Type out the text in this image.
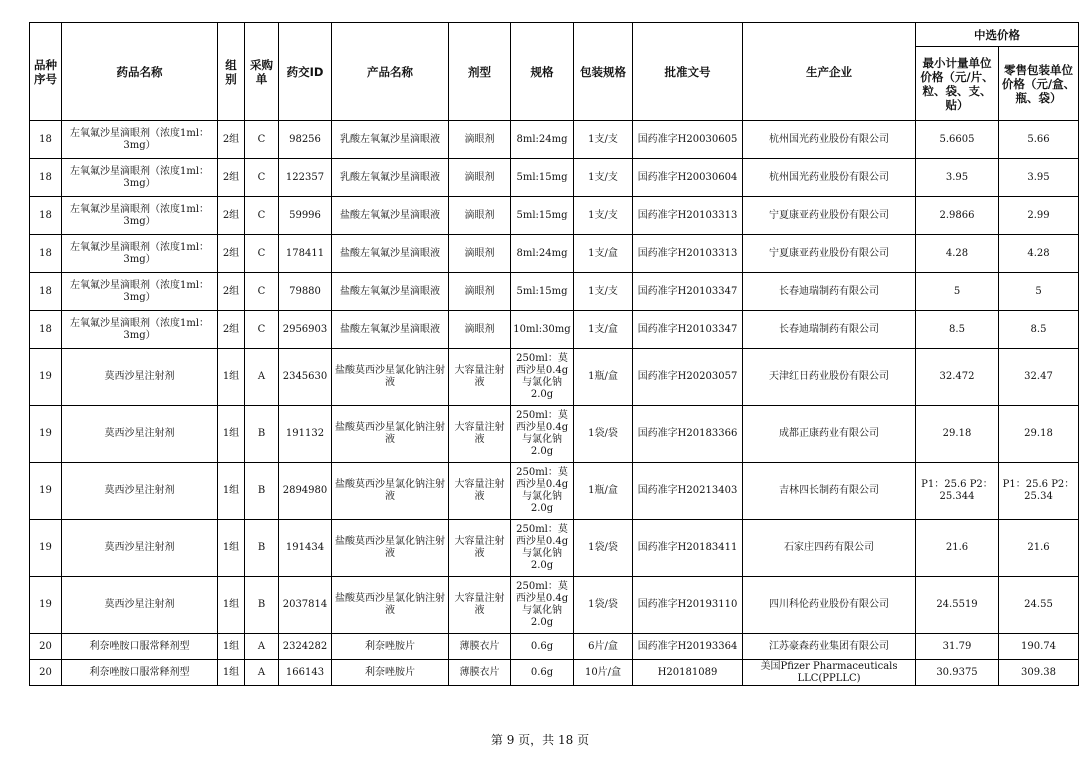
品种序号	药品名称	组别	采购单	药交ID	产品名称	剂型	规格	包装规格	批准文号	生产企业	中选价格	
											最小计量单位价格（元/片、粒、袋、支、贴）	零售包装单位价格（元/盒、瓶、袋）
18	左氧氟沙星滴眼剂（浓度1ml：3mg）	2组	C	98256	乳酸左氧氟沙星滴眼液	滴眼剂	8ml:24mg	1支/支	国药准字H20030605	杭州国光药业股份有限公司	5.6605	5.66
18	左氧氟沙星滴眼剂（浓度1ml：3mg）	2组	C	122357	乳酸左氧氟沙星滴眼液	滴眼剂	5ml:15mg	1支/支	国药准字H20030604	杭州国光药业股份有限公司	3.95	3.95
18	左氧氟沙星滴眼剂（浓度1ml：3mg）	2组	C	59996	盐酸左氧氟沙星滴眼液	滴眼剂	5ml:15mg	1支/支	国药准字H20103313	宁夏康亚药业股份有限公司	2.9866	2.99
18	左氧氟沙星滴眼剂（浓度1ml：3mg）	2组	C	178411	盐酸左氧氟沙星滴眼液	滴眼剂	8ml:24mg	1支/盒	国药准字H20103313	宁夏康亚药业股份有限公司	4.28	4.28
18	左氧氟沙星滴眼剂（浓度1ml：3mg）	2组	C	79880	盐酸左氧氟沙星滴眼液	滴眼剂	5ml:15mg	1支/支	国药准字H20103347	长春迪瑞制药有限公司	5	5
18	左氧氟沙星滴眼剂（浓度1ml：3mg）	2组	C	2956903	盐酸左氧氟沙星滴眼液	滴眼剂	10ml:30mg	1支/盒	国药准字H20103347	长春迪瑞制药有限公司	8.5	8.5
19	莫西沙星注射剂	1组	A	2345630	盐酸莫西沙星氯化钠注射液	大容量注射液	250ml：莫西沙星0.4g与氯化钠2.0g	1瓶/盒	国药准字H20203057	天津红日药业股份有限公司	32.472	32.47
19	莫西沙星注射剂	1组	B	191132	盐酸莫西沙星氯化钠注射液	大容量注射液	250ml：莫西沙星0.4g与氯化钠2.0g	1袋/袋	国药准字H20183366	成都正康药业有限公司	29.18	29.18
19	莫西沙星注射剂	1组	B	2894980	盐酸莫西沙星氯化钠注射液	大容量注射液	250ml：莫西沙星0.4g与氯化钠2.0g	1瓶/盒	国药准字H20213403	吉林四长制药有限公司	P1：25.6 P2：25.344	P1：25.6 P2：25.34
19	莫西沙星注射剂	1组	B	191434	盐酸莫西沙星氯化钠注射液	大容量注射液	250ml：莫西沙星0.4g与氯化钠2.0g	1袋/袋	国药准字H20183411	石家庄四药有限公司	21.6	21.6
19	莫西沙星注射剂	1组	B	2037814	盐酸莫西沙星氯化钠注射液	大容量注射液	250ml：莫西沙星0.4g与氯化钠2.0g	1袋/袋	国药准字H20193110	四川科伦药业股份有限公司	24.5519	24.55
20	利奈唑胺口服常释剂型	1组	A	2324282	利奈唑胺片	薄膜衣片	0.6g	6片/盒	国药准字H20193364	江苏豪森药业集团有限公司	31.79	190.74
20	利奈唑胺口服常释剂型	1组	A	166143	利奈唑胺片	薄膜衣片	0.6g	10片/盒	H20181089	美国Pfizer Pharmaceuticals LLC(PPLLC)	30.9375	309.38
第 9 页，共 18 页
